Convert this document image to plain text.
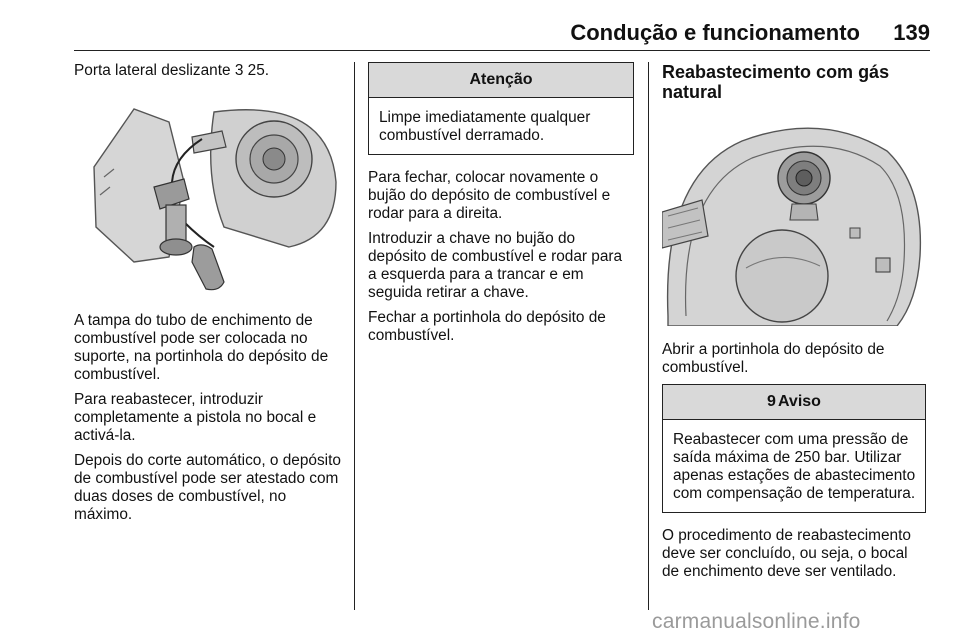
Condução e funcionamento	139

Porta lateral deslizante 3 25.

A tampa do tubo de enchimento de combustível pode ser colocada no suporte, na portinhola do depósito de combustível.

Para reabastecer, introduzir completamente a pistola no bocal e activá-la.

Depois do corte automático, o depósito de combustível pode ser atestado com duas doses de combustível, no máximo.

Atenção
Limpe imediatamente qualquer combustível derramado.

Para fechar, colocar novamente o bujão do depósito de combustível e rodar para a direita.

Introduzir a chave no bujão do depósito de combustível e rodar para a esquerda para a trancar e em seguida retirar a chave.

Fechar a portinhola do depósito de combustível.

Reabastecimento com gás natural

Abrir a portinhola do depósito de combustível.

9 Aviso
Reabastecer com uma pressão de saída máxima de 250 bar. Utilizar apenas estações de abastecimento com compensação de temperatura.

O procedimento de reabastecimento deve ser concluído, ou seja, o bocal de enchimento deve ser ventilado.

carmanualsonline.info
